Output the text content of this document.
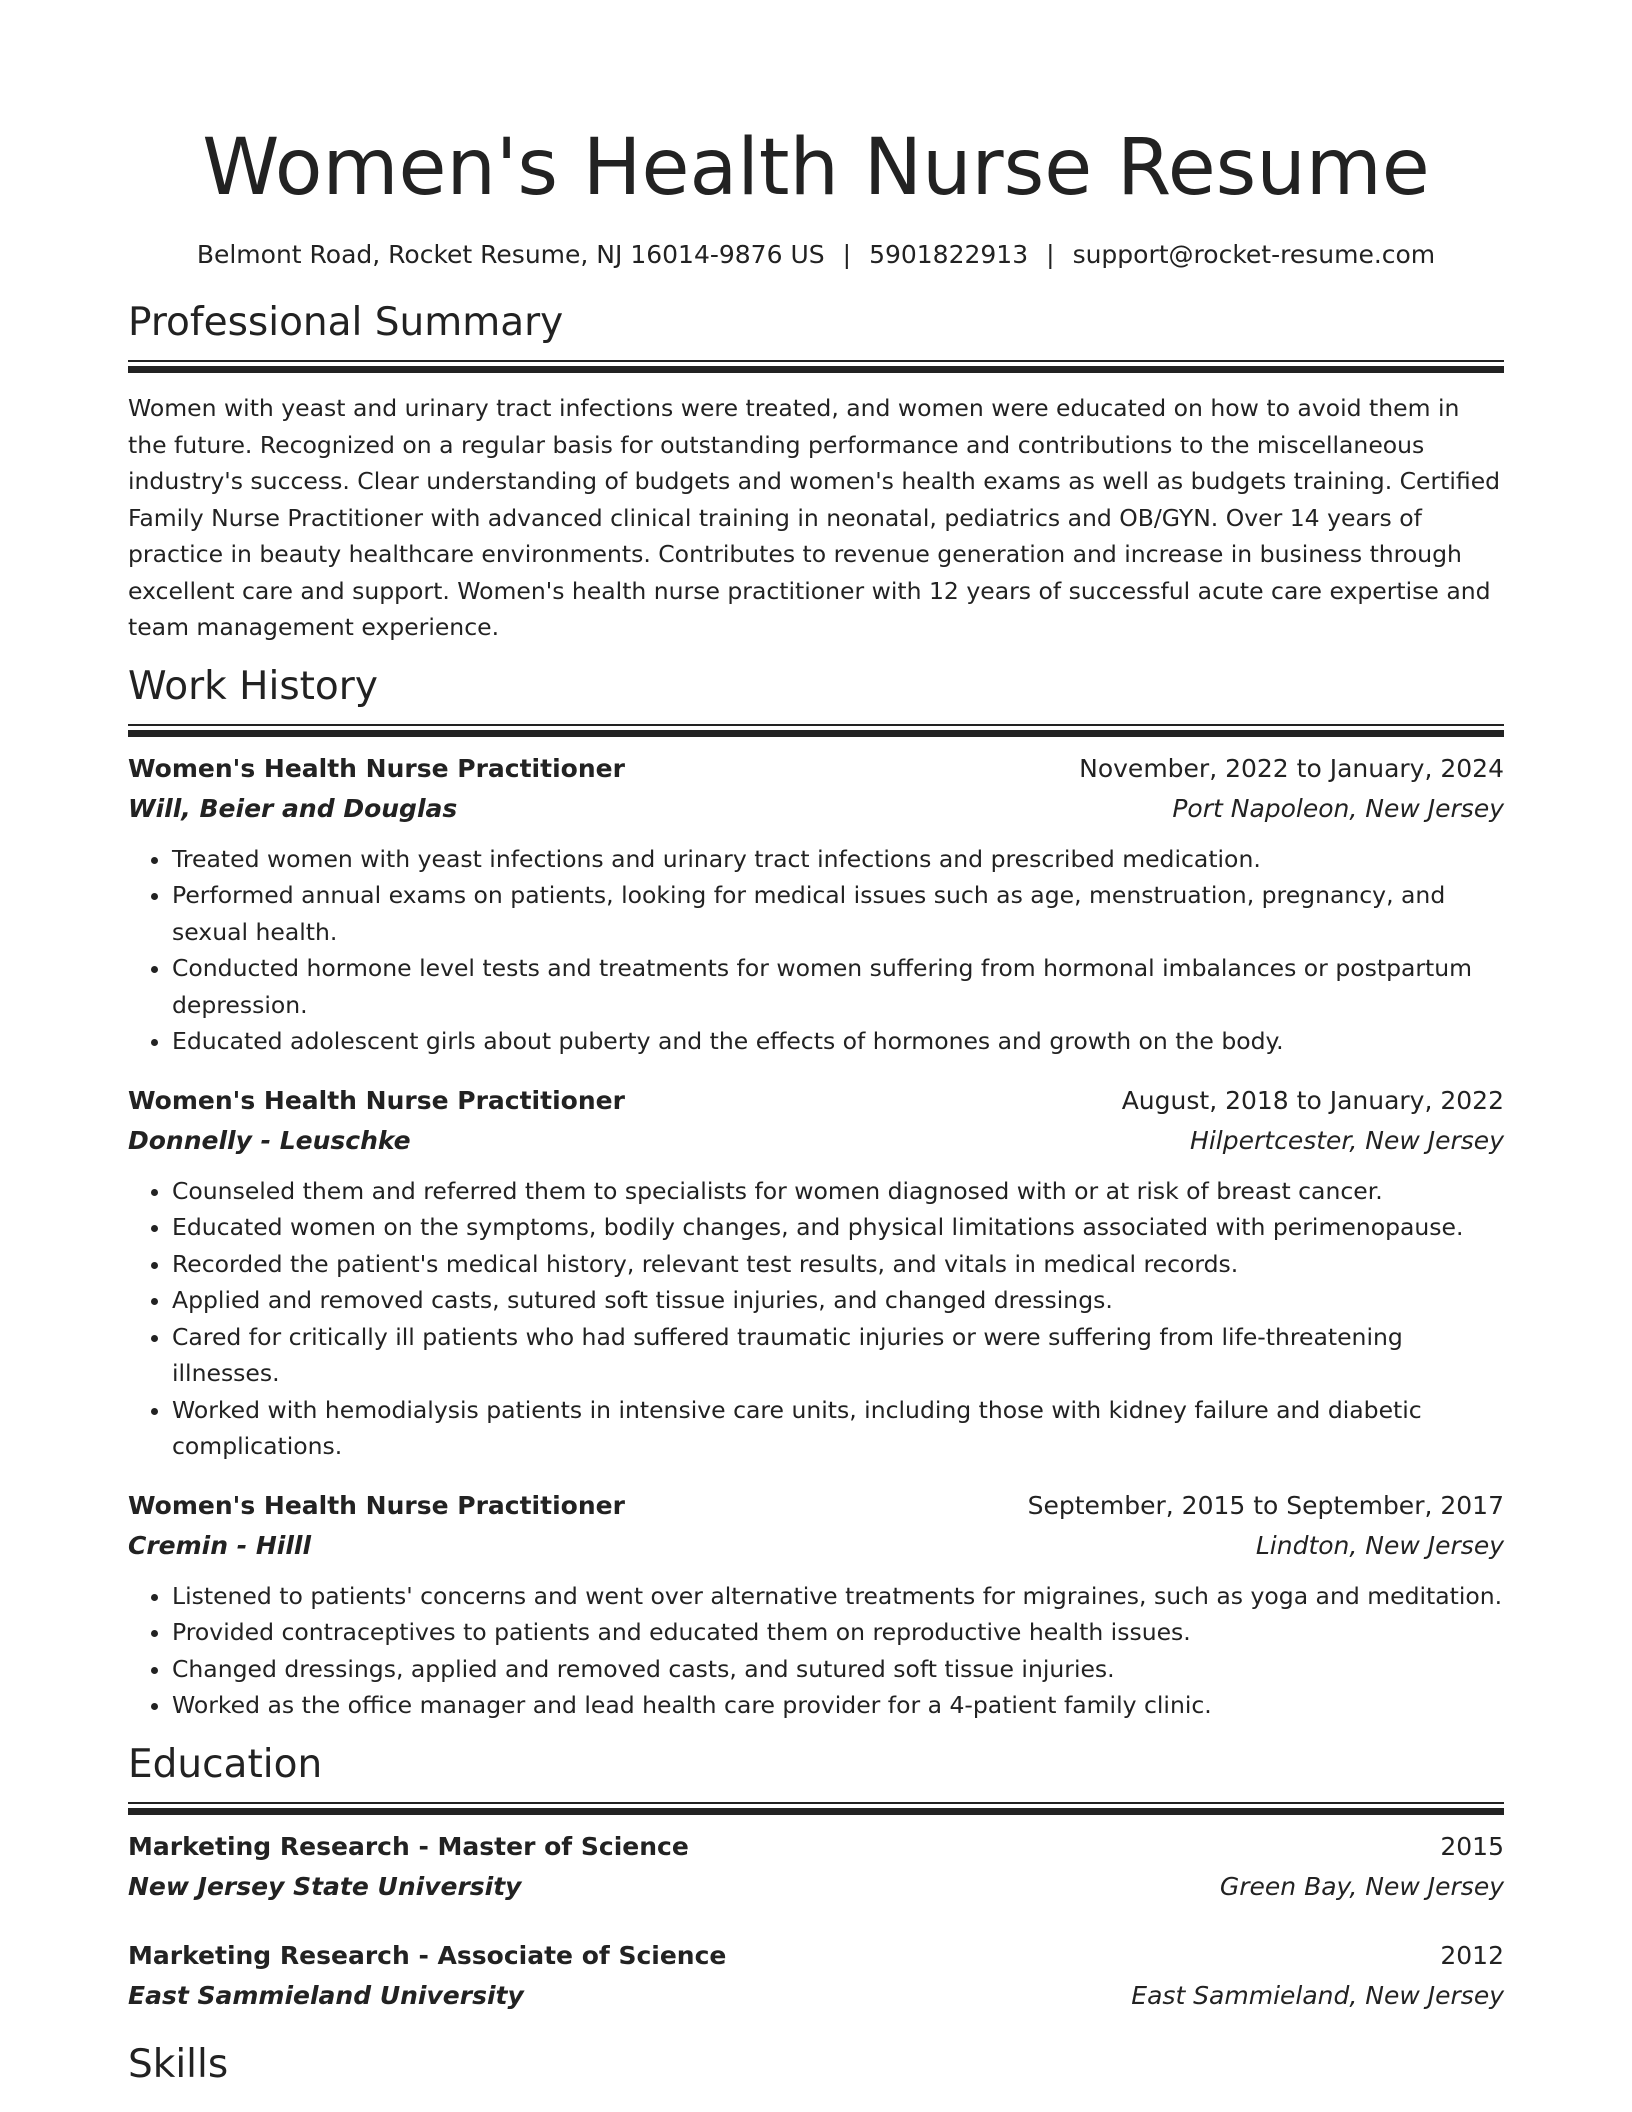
Women's Health Nurse Resume
Belmont Road, Rocket Resume, NJ 16014-9876 US | 5901822913 | support@rocket-resume.com
Professional Summary
Women with yeast and urinary tract infections were treated, and women were educated on how to avoid them in the future. Recognized on a regular basis for outstanding performance and contributions to the miscellaneous industry's success. Clear understanding of budgets and women's health exams as well as budgets training. Certified Family Nurse Practitioner with advanced clinical training in neonatal, pediatrics and OB/GYN. Over 14 years of practice in beauty healthcare environments. Contributes to revenue generation and increase in business through excellent care and support. Women's health nurse practitioner with 12 years of successful acute care expertise and team management experience.
Work History
Women's Health Nurse Practitioner	November, 2022 to January, 2024
Will, Beier and Douglas	Port Napoleon, New Jersey
• Treated women with yeast infections and urinary tract infections and prescribed medication.
• Performed annual exams on patients, looking for medical issues such as age, menstruation, pregnancy, and sexual health.
• Conducted hormone level tests and treatments for women suffering from hormonal imbalances or postpartum depression.
• Educated adolescent girls about puberty and the effects of hormones and growth on the body.
Women's Health Nurse Practitioner	August, 2018 to January, 2022
Donnelly - Leuschke	Hilpertcester, New Jersey
• Counseled them and referred them to specialists for women diagnosed with or at risk of breast cancer.
• Educated women on the symptoms, bodily changes, and physical limitations associated with perimenopause.
• Recorded the patient's medical history, relevant test results, and vitals in medical records.
• Applied and removed casts, sutured soft tissue injuries, and changed dressings.
• Cared for critically ill patients who had suffered traumatic injuries or were suffering from life-threatening illnesses.
• Worked with hemodialysis patients in intensive care units, including those with kidney failure and diabetic complications.
Women's Health Nurse Practitioner	September, 2015 to September, 2017
Cremin - Hilll	Lindton, New Jersey
• Listened to patients' concerns and went over alternative treatments for migraines, such as yoga and meditation.
• Provided contraceptives to patients and educated them on reproductive health issues.
• Changed dressings, applied and removed casts, and sutured soft tissue injuries.
• Worked as the office manager and lead health care provider for a 4-patient family clinic.
Education
Marketing Research - Master of Science	2015
New Jersey State University	Green Bay, New Jersey
Marketing Research - Associate of Science	2012
East Sammieland University	East Sammieland, New Jersey
Skills
